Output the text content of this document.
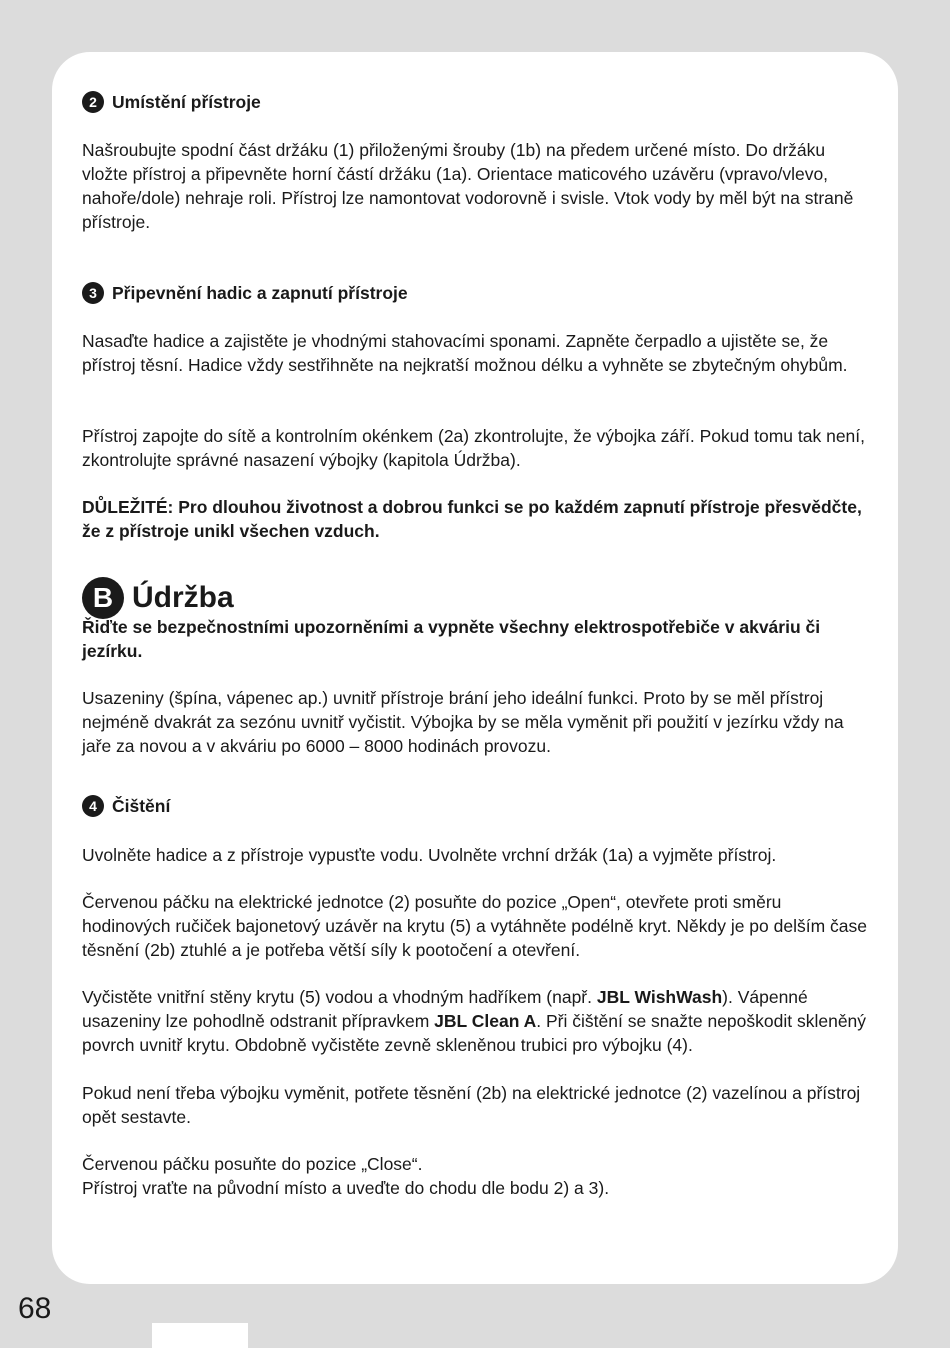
2 Umístění přístroje

Našroubujte spodní část držáku (1) přiloženými šrouby (1b) na předem určené místo. Do držáku vložte přístroj a připevněte horní částí držáku (1a). Orientace maticového uzávěru (vpravo/vlevo, nahoře/dole) nehraje roli. Přístroj lze namontovat vodorovně i svisle. Vtok vody by měl být na straně přístroje.

3 Připevnění hadic a zapnutí přístroje

Nasaďte hadice a zajistěte je vhodnými stahovacími sponami. Zapněte čerpadlo a ujistěte se, že přístroj těsní. Hadice vždy sestřihněte na nejkratší možnou délku a vyhněte se zbytečným ohybům.

Přístroj zapojte do sítě a kontrolním okénkem (2a) zkontrolujte, že výbojka září. Pokud tomu tak není, zkontrolujte správné nasazení výbojky (kapitola Údržba).

DŮLEŽITÉ: Pro dlouhou životnost a dobrou funkci se po každém zapnutí přístroje přesvědčte, že z přístroje unikl všechen vzduch.

B Údržba

Řiďte se bezpečnostními upozorněními a vypněte všechny elektrospotřebiče v akváriu či jezírku.

Usazeniny (špína, vápenec ap.) uvnitř přístroje brání jeho ideální funkci. Proto by se měl přístroj nejméně dvakrát za sezónu uvnitř vyčistit. Výbojka by se měla vyměnit při použití v jezírku vždy na jaře za novou a v akváriu po 6000 – 8000 hodinách provozu.

4 Čištění

Uvolněte hadice a z přístroje vypusťte vodu. Uvolněte vrchní držák (1a) a vyjměte přístroj.

Červenou páčku na elektrické jednotce (2) posuňte do pozice „Open“, otevřete proti směru hodinových ručiček bajonetový uzávěr na krytu (5) a vytáhněte podélně kryt. Někdy je po delším čase těsnění (2b) ztuhlé a je potřeba větší síly k pootočení a otevření.

Vyčistěte vnitřní stěny krytu (5) vodou a vhodným hadříkem (např. JBL WishWash). Vápenné usazeniny lze pohodlně odstranit přípravkem JBL Clean A. Při čištění se snažte nepoškodit skleněný povrch uvnitř krytu. Obdobně vyčistěte zevně skleněnou trubici pro výbojku (4).

Pokud není třeba výbojku vyměnit, potřete těsnění (2b) na elektrické jednotce (2) vazelínou a přístroj opět sestavte.

Červenou páčku posuňte do pozice „Close“.

Přístroj vraťte na původní místo a uveďte do chodu dle bodu 2) a 3).

68
